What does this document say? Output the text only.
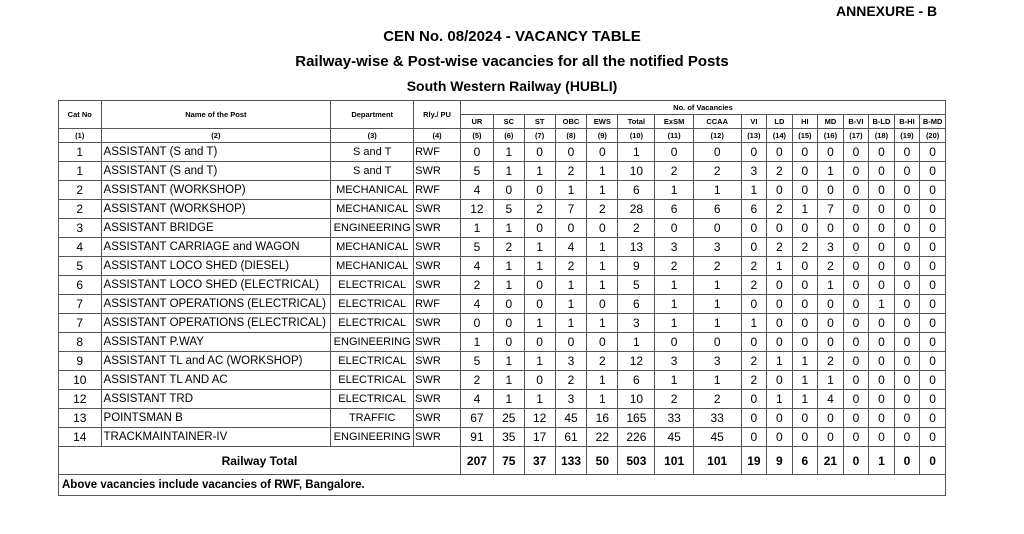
ANNEXURE - B
CEN No. 08/2024 - VACANCY TABLE
Railway-wise & Post-wise vacancies for all the notified Posts
South Western Railway (HUBLI)
Cat No	Name of the Post	Department	Rly./ PU	No. of Vacancies															
				UR	SC	ST	OBC	EWS	Total	ExSM	CCAA	VI	LD	HI	MD	B-VI	B-LD	B-HI	B-MD
(1)	(2)	(3)	(4)	(5)	(6)	(7)	(8)	(9)	(10)	(11)	(12)	(13)	(14)	(15)	(16)	(17)	(18)	(19)	(20)
1	ASSISTANT (S and T)	S and T	RWF	0	1	0	0	0	1	0	0	0	0	0	0	0	0	0	0
1	ASSISTANT (S and T)	S and T	SWR	5	1	1	2	1	10	2	2	3	2	0	1	0	0	0	0
2	ASSISTANT (WORKSHOP)	MECHANICAL	RWF	4	0	0	1	1	6	1	1	1	0	0	0	0	0	0	0
2	ASSISTANT (WORKSHOP)	MECHANICAL	SWR	12	5	2	7	2	28	6	6	6	2	1	7	0	0	0	0
3	ASSISTANT BRIDGE	ENGINEERING	SWR	1	1	0	0	0	2	0	0	0	0	0	0	0	0	0	0
4	ASSISTANT CARRIAGE and WAGON	MECHANICAL	SWR	5	2	1	4	1	13	3	3	0	2	2	3	0	0	0	0
5	ASSISTANT LOCO SHED (DIESEL)	MECHANICAL	SWR	4	1	1	2	1	9	2	2	2	1	0	2	0	0	0	0
6	ASSISTANT LOCO SHED (ELECTRICAL)	ELECTRICAL	SWR	2	1	0	1	1	5	1	1	2	0	0	1	0	0	0	0
7	ASSISTANT OPERATIONS (ELECTRICAL)	ELECTRICAL	RWF	4	0	0	1	0	6	1	1	0	0	0	0	0	1	0	0
7	ASSISTANT OPERATIONS (ELECTRICAL)	ELECTRICAL	SWR	0	0	1	1	1	3	1	1	1	0	0	0	0	0	0	0
8	ASSISTANT P.WAY	ENGINEERING	SWR	1	0	0	0	0	1	0	0	0	0	0	0	0	0	0	0
9	ASSISTANT TL and AC (WORKSHOP)	ELECTRICAL	SWR	5	1	1	3	2	12	3	3	2	1	1	2	0	0	0	0
10	ASSISTANT TL AND AC	ELECTRICAL	SWR	2	1	0	2	1	6	1	1	2	0	1	1	0	0	0	0
12	ASSISTANT TRD	ELECTRICAL	SWR	4	1	1	3	1	10	2	2	0	1	1	4	0	0	0	0
13	POINTSMAN B	TRAFFIC	SWR	67	25	12	45	16	165	33	33	0	0	0	0	0	0	0	0
14	TRACKMAINTAINER-IV	ENGINEERING	SWR	91	35	17	61	22	226	45	45	0	0	0	0	0	0	0	0
Railway Total				207	75	37	133	50	503	101	101	19	9	6	21	0	1	0	0
Above vacancies include vacancies of RWF, Bangalore.																			
